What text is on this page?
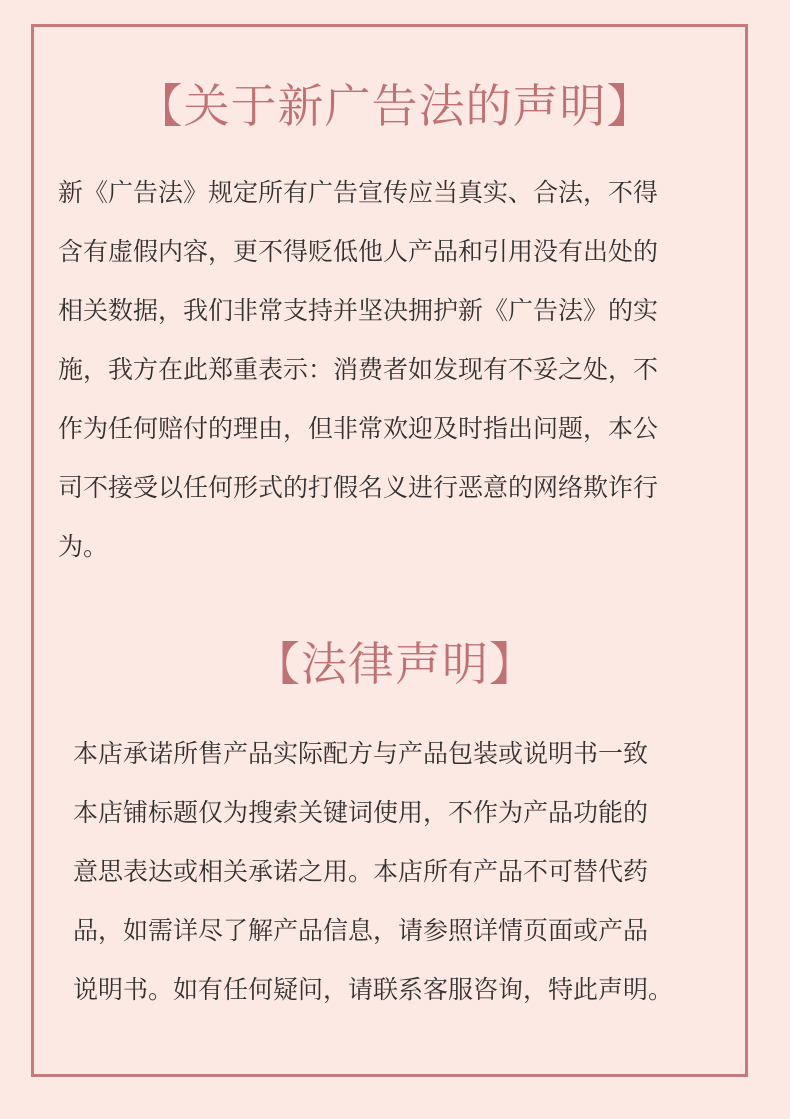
【关于新广告法的声明】
新《广告法》规定所有广告宣传应当真实、合法，不得
含有虚假内容，更不得贬低他人产品和引用没有出处的
相关数据，我们非常支持并坚决拥护新《广告法》的实
施，我方在此郑重表示：消费者如发现有不妥之处，不
作为任何赔付的理由，但非常欢迎及时指出问题，本公
司不接受以任何形式的打假名义进行恶意的网络欺诈行
为。
【法律声明】
本店承诺所售产品实际配方与产品包装或说明书一致
本店铺标题仅为搜索关键词使用，不作为产品功能的
意思表达或相关承诺之用。本店所有产品不可替代药
品，如需详尽了解产品信息，请参照详情页面或产品
说明书。如有任何疑问，请联系客服咨询，特此声明。
